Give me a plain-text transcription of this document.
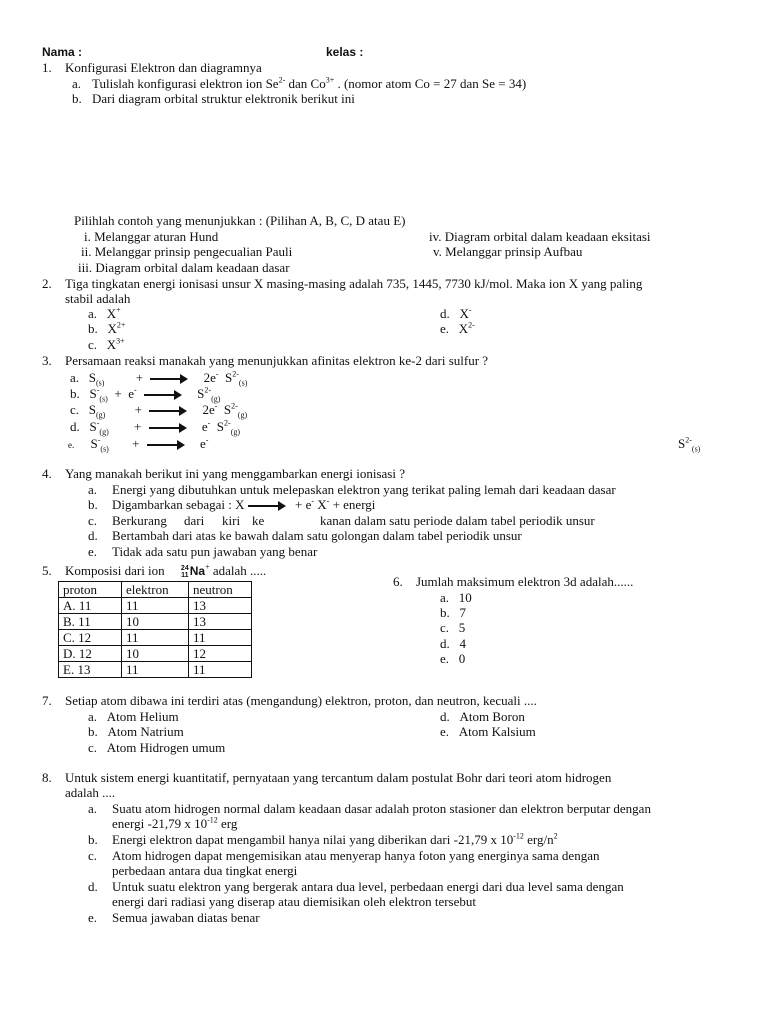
Nama :	kelas :
1. Konfigurasi Elektron dan diagramnya
a. Tulislah konfigurasi elektron ion $Se^{2-}$ dan $Co^{3+}$ . (nomor atom Co = 27 dan Se = 34)
b. Dari diagram orbital struktur elektronik berikut ini
Pilihlah contoh yang menunjukkan : (Pilihan A, B, C, D atau E)
i. Melanggar aturan Hund
ii. Melanggar prinsip pengecualian Pauli
iii. Diagram orbital dalam keadaan dasar
iv. Diagram orbital dalam keadaan eksitasi
v. Melanggar prinsip Aufbau
2. Tiga tingkatan energi ionisasi unsur X masing-masing adalah 735, 1445, 7730 kJ/mol. Maka ion X yang paling
stabil adalah
a. X+
b. $X^{2+}$
c. $X^{3+}$
d. X-
e. $X^{2-}$
3. Persamaan reaksi manakah yang menunjukkan afinitas elektron ke-2 dari sulfur ?
a. $S_{(s)}$ + → 2e- $S^{2-}_{(s)}$
b. $S^-_{(s)} + e^- \to S^{2-}_{(g)}$
c. $S_{(g)}$ + → 2e- $S^{2-}_{(g)}$
d. $S^-_{(g)}$ + → e- $S^{2-}_{(g)}$
e. $S^-_{(s)}$ + → e-	$S^{2-}_{(s)}$
4. Yang manakah berikut ini yang menggambarkan energi ionisasi ?
a. Energi yang dibutuhkan untuk melepaskan elektron yang terikat paling lemah dari keadaan dasar
b. Digambarkan sebagai : X → + e- X- + energi
c. Berkurang dari kiri ke	kanan dalam satu periode dalam tabel periodik unsur
d. Bertambah dari atas ke bawah dalam satu golongan dalam tabel periodik unsur
e. Tidak ada satu pun jawaban yang benar
5. Komposisi dari ion 24
11Na+ adalah .....
proton	elektron	neutron
A. 11	11	13
B. 11	10	13
C. 12	11	11
D. 12	10	12
E. 13	11	11
6. Jumlah maksimum elektron 3d adalah......
a. 10
b. 7
c. 5
d. 4
e. 0
7. Setiap atom dibawa ini terdiri atas (mengandung) elektron, proton, dan neutron, kecuali ....
a. Atom Helium
b. Atom Natrium
c. Atom Hidrogen umum
d. Atom Boron
e. Atom Kalsium
8. Untuk sistem energi kuantitatif, pernyataan yang tercantum dalam postulat Bohr dari teori atom hidrogen
adalah ....
a. Suatu atom hidrogen normal dalam keadaan dasar adalah proton stasioner dan elektron berputar dengan
energi -21,79 x $10^{-12}$ erg
b. Energi elektron dapat mengambil hanya nilai yang diberikan dari -21,79 x $10^{-12}$ erg/$n^2$
c. Atom hidrogen dapat mengemisikan atau menyerap hanya foton yang energinya sama dengan
perbedaan antara dua tingkat energi
d. Untuk suatu elektron yang bergerak antara dua level, perbedaan energi dari dua level sama dengan
energi dari radiasi yang diserap atau diemisikan oleh elektron tersebut
e. Semua jawaban diatas benar
